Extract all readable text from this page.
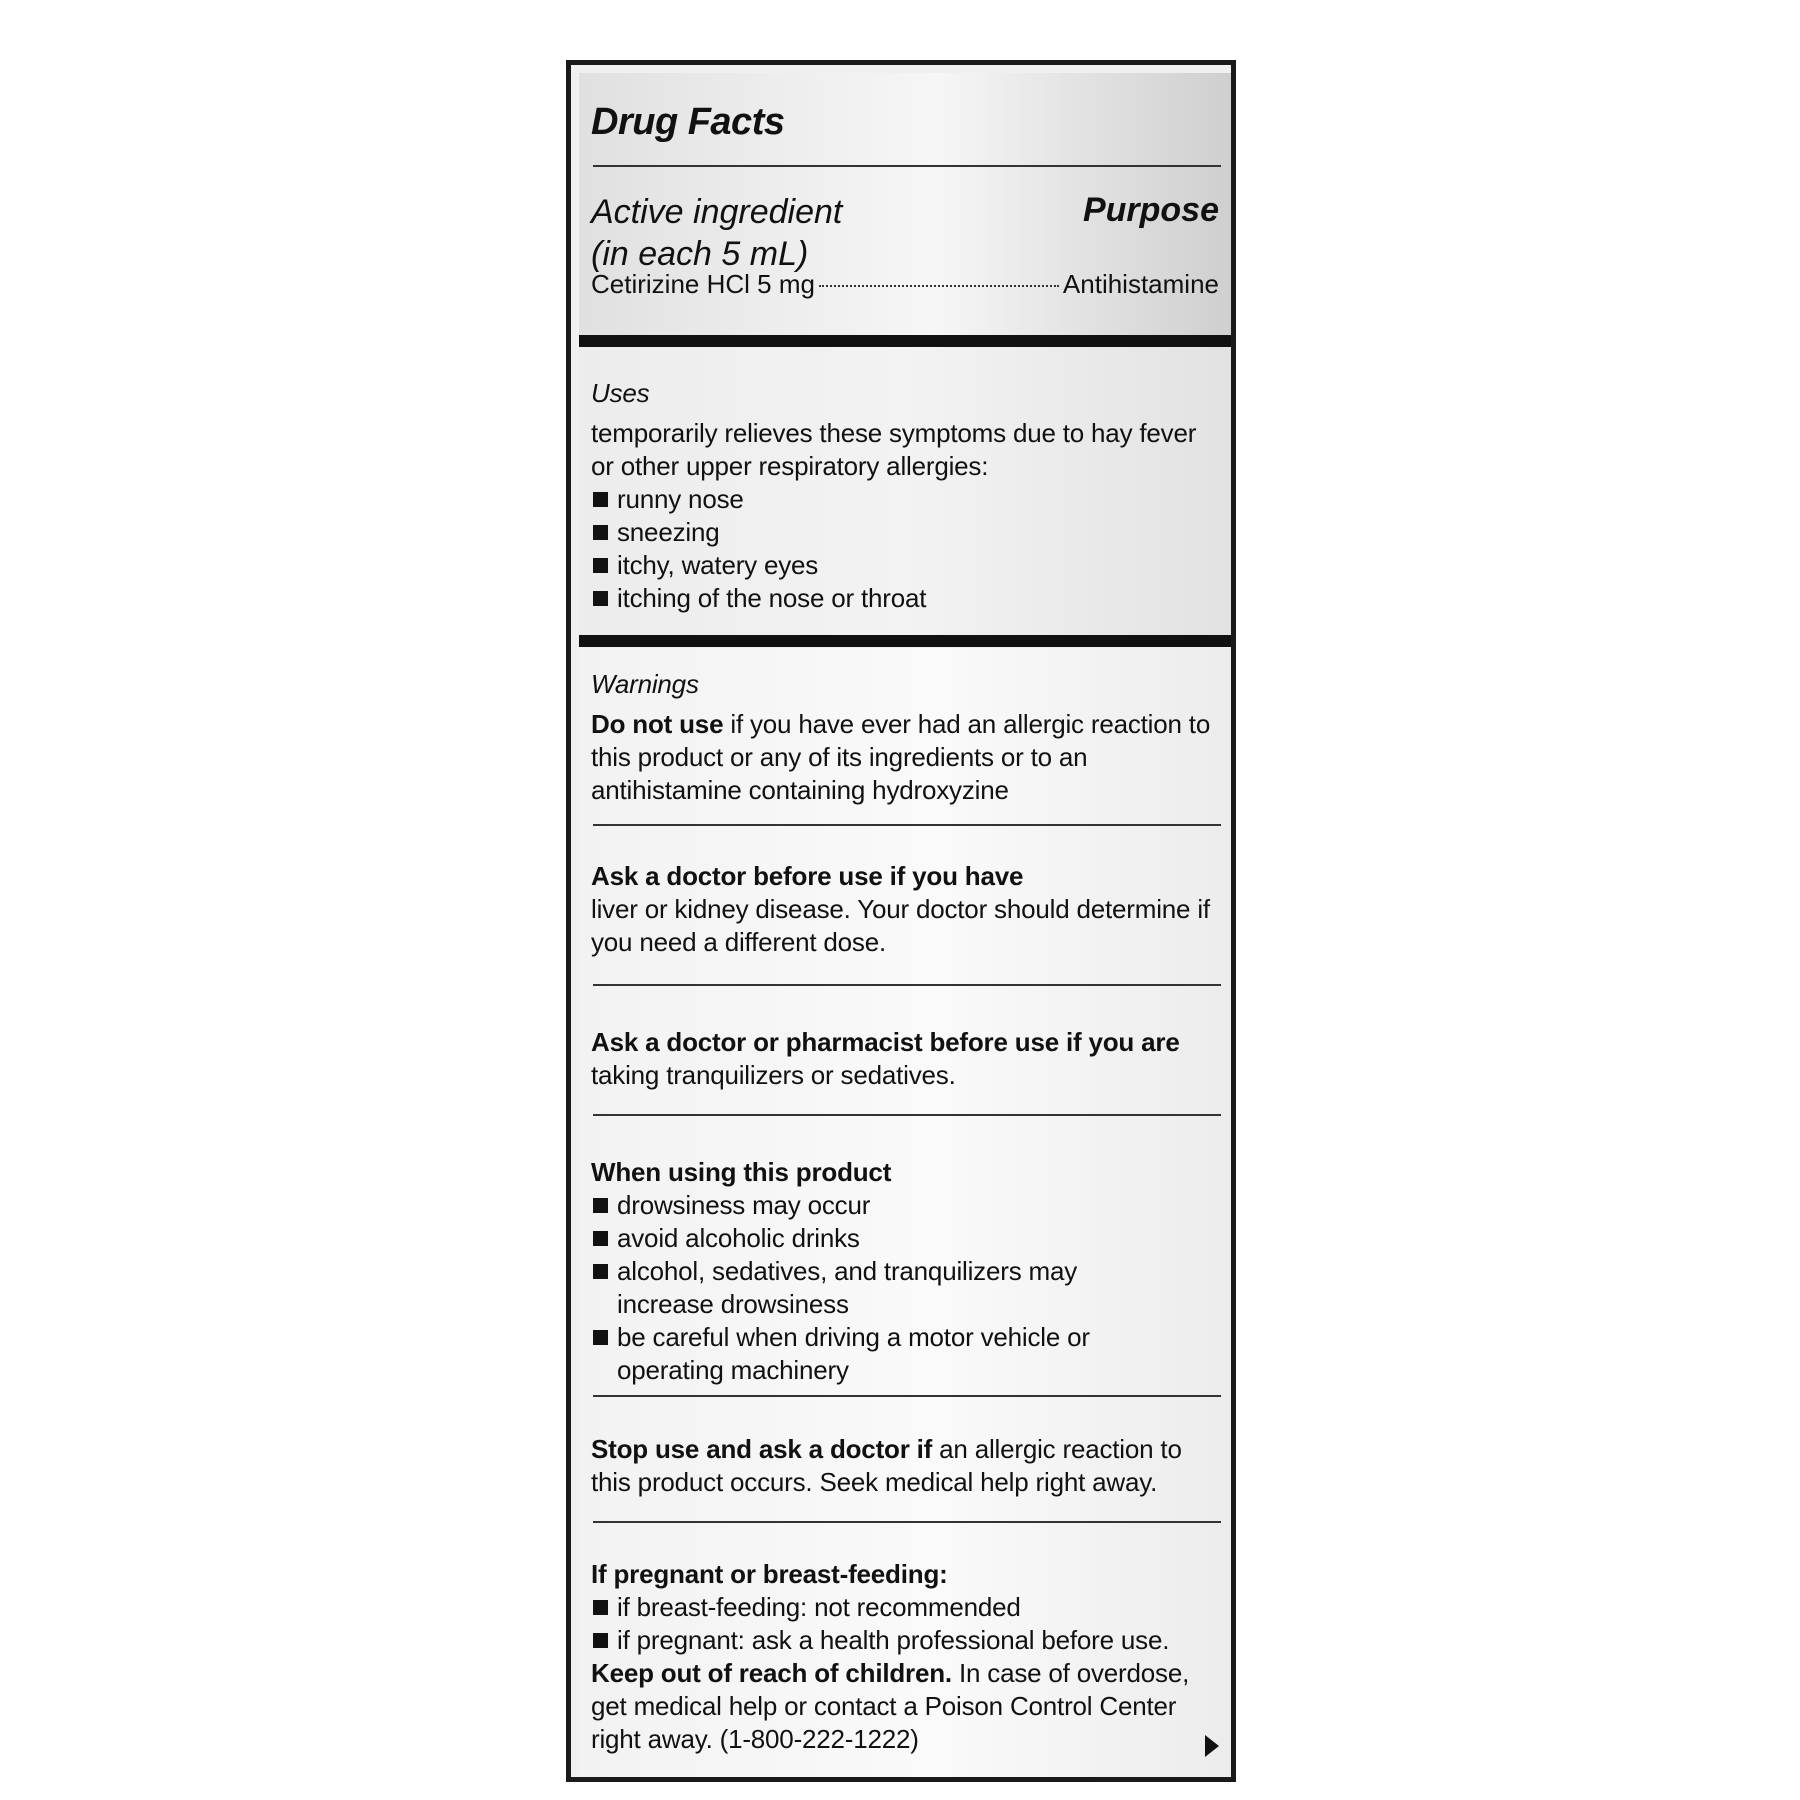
Drug Facts
Active ingredient
(in each 5 mL)
Purpose
Cetirizine HCl 5 mg	Antihistamine
Uses
temporarily relieves these symptoms due to hay fever or other upper respiratory allergies:
runny nose
sneezing
itchy, watery eyes
itching of the nose or throat
Warnings
Do not use if you have ever had an allergic reaction to this product or any of its ingredients or to an antihistamine containing hydroxyzine
Ask a doctor before use if you have
liver or kidney disease. Your doctor should determine if you need a different dose.
Ask a doctor or pharmacist before use if you are
taking tranquilizers or sedatives.
When using this product
drowsiness may occur
avoid alcoholic drinks
alcohol, sedatives, and tranquilizers may increase drowsiness
be careful when driving a motor vehicle or operating machinery
Stop use and ask a doctor if an allergic reaction to this product occurs. Seek medical help right away.
If pregnant or breast-feeding:
if breast-feeding: not recommended
if pregnant: ask a health professional before use.
Keep out of reach of children. In case of overdose, get medical help or contact a Poison Control Center right away. (1-800-222-1222)
